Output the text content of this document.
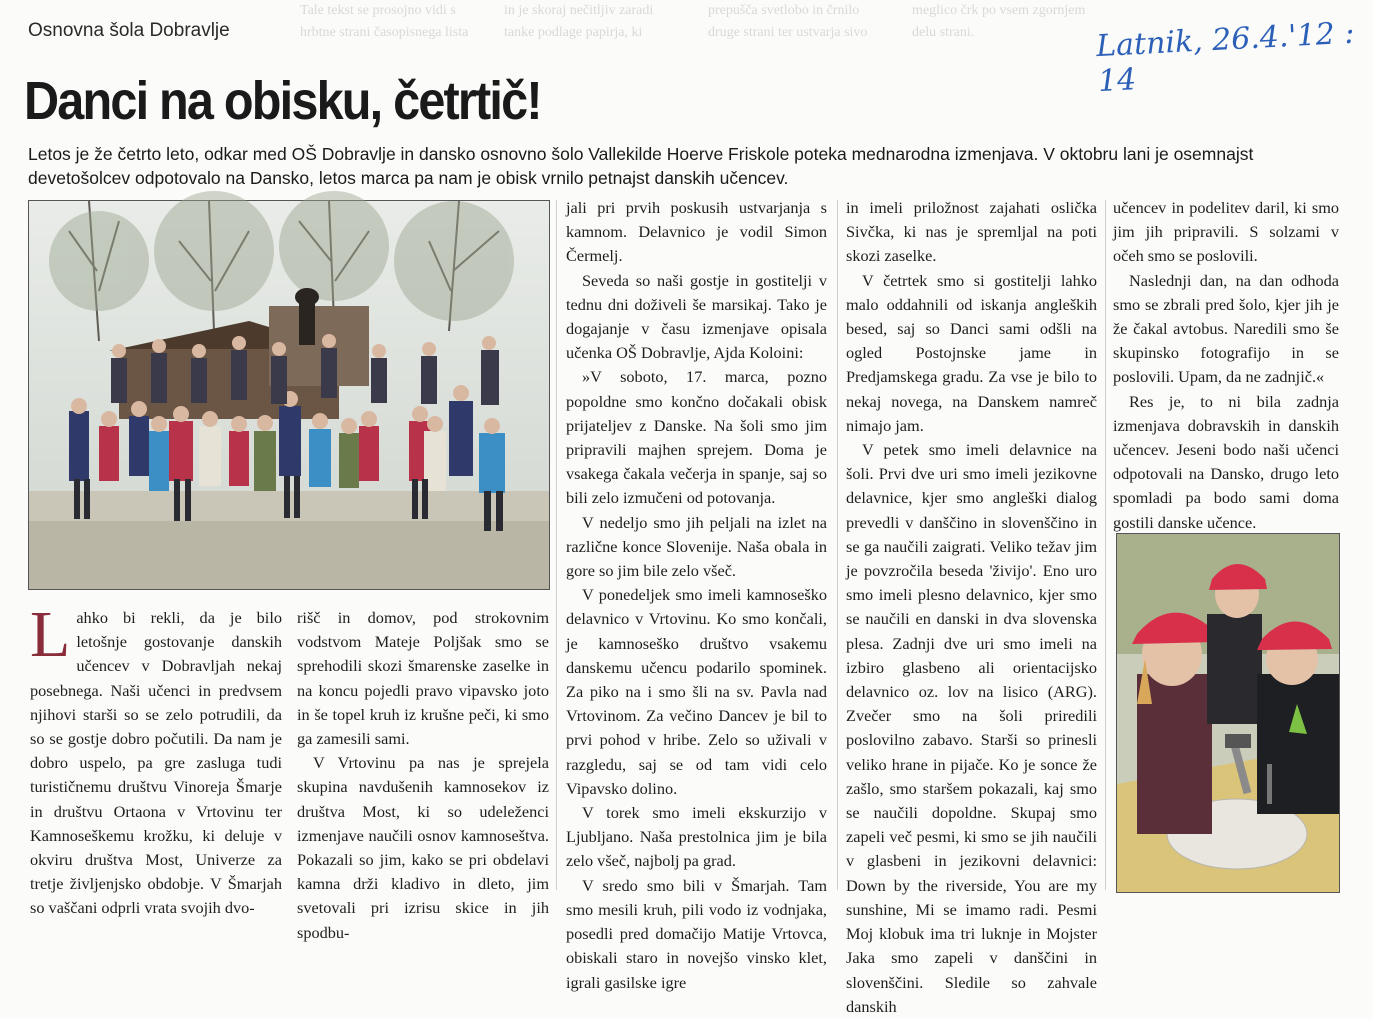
Tale tekst se prosojno vidi s hrbtne strani časopisnega lista in je skoraj nečitljiv zaradi tanke podlage papirja, ki prepušča svetlobo in črnilo druge strani ter ustvarja sivo meglico črk po vsem zgornjem delu strani.
Osnovna šola Dobravlje
Danci na obisku, četrtič!
Latnik, 26.4.'12 : 14
Letos je že četrto leto, odkar med OŠ Dobravlje in dansko osnovno šolo Vallekilde Hoerve Friskole poteka mednarodna izmenjava. V oktobru lani je osemnajst devetošolcev odpotovalo na Dansko, letos marca pa nam je obisk vrnilo petnajst danskih učencev.

Lahko bi rekli, da je bilo letošnje gostovanje danskih učencev v Dobravljah nekaj posebnega. Naši učenci in predvsem njihovi starši so se zelo potrudili, da so se gostje dobro počutili. Da nam je dobro uspelo, pa gre zasluga tudi turističnemu društvu Vinoreja Šmarje in društvu Ortaona v Vrtovinu ter Kamnoseškemu krožku, ki deluje v okviru društva Most, Univerze za tretje življenjsko obdobje. V Šmarjah so vaščani odprli vrata svojih dvo-

rišč in domov, pod strokovnim vodstvom Mateje Poljšak smo se sprehodili skozi šmarenske zaselke in na koncu pojedli pravo vipavsko joto in še topel kruh iz krušne peči, ki smo ga zamesili sami.

V Vrtovinu pa nas je sprejela skupina navdušenih kamnosekov iz društva Most, ki so udeleženci izmenjave naučili osnov kamnoseštva. Pokazali so jim, kako se pri obdelavi kamna drži kladivo in dleto, jim svetovali pri izrisu skice in jih spodbu-

jali pri prvih poskusih ustvarjanja s kamnom. Delavnico je vodil Simon Čermelj.

Seveda so naši gostje in gostitelji v tednu dni doživeli še marsikaj. Tako je dogajanje v času izmenjave opisala učenka OŠ Dobravlje, Ajda Koloini:

»V soboto, 17. marca, pozno popoldne smo končno dočakali obisk prijateljev z Danske. Na šoli smo jim pripravili majhen sprejem. Doma je vsakega čakala večerja in spanje, saj so bili zelo izmučeni od potovanja.

V nedeljo smo jih peljali na izlet na različne konce Slovenije. Naša obala in gore so jim bile zelo všeč.

V ponedeljek smo imeli kamnoseško delavnico v Vrtovinu. Ko smo končali, je kamnoseško društvo vsakemu danskemu učencu podarilo spominek. Za piko na i smo šli na sv. Pavla nad Vrtovinom. Za večino Dancev je bil to prvi pohod v hribe. Zelo so uživali v razgledu, saj se od tam vidi celo Vipavsko dolino.

V torek smo imeli ekskurzijo v Ljubljano. Naša prestolnica jim je bila zelo všeč, najbolj pa grad.

V sredo smo bili v Šmarjah. Tam smo mesili kruh, pili vodo iz vodnjaka, posedli pred domačijo Matije Vrtovca, obiskali staro in novejšo vinsko klet, igrali gasilske igre

in imeli priložnost zajahati oslička Sivčka, ki nas je spremljal na poti skozi zaselke.

V četrtek smo si gostitelji lahko malo oddahnili od iskanja angleških besed, saj so Danci sami odšli na ogled Postojnske jame in Predjamskega gradu. Za vse je bilo to nekaj novega, na Danskem namreč nimajo jam.

V petek smo imeli delavnice na šoli. Prvi dve uri smo imeli jezikovne delavnice, kjer smo angleški dialog prevedli v danščino in slovenščino in se ga naučili zaigrati. Veliko težav jim je povzročila beseda 'živijo'. Eno uro smo imeli plesno delavnico, kjer smo se naučili en danski in dva slovenska plesa. Zadnji dve uri smo imeli na izbiro glasbeno ali orientacijsko delavnico oz. lov na lisico (ARG). Zvečer smo na šoli priredili poslovilno zabavo. Starši so prinesli veliko hrane in pijače. Ko je sonce že zašlo, smo staršem pokazali, kaj smo se naučili dopoldne. Skupaj smo zapeli več pesmi, ki smo se jih naučili v glasbeni in jezikovni delavnici: Down by the riverside, You are my sunshine, Mi se imamo radi. Pesmi Moj klobuk ima tri luknje in Mojster Jaka smo zapeli v danščini in slovenščini. Sledile so zahvale danskih

učencev in podelitev daril, ki smo jim jih pripravili. S solzami v očeh smo se poslovili.

Naslednji dan, na dan odhoda smo se zbrali pred šolo, kjer jih je že čakal avtobus. Naredili smo še skupinsko fotografijo in se poslovili. Upam, da ne zadnjič.«

Res je, to ni bila zadnja izmenjava dobravskih in danskih učencev. Jeseni bodo naši učenci odpotovali na Dansko, drugo leto spomladi pa bodo sami doma gostili danske učence.
